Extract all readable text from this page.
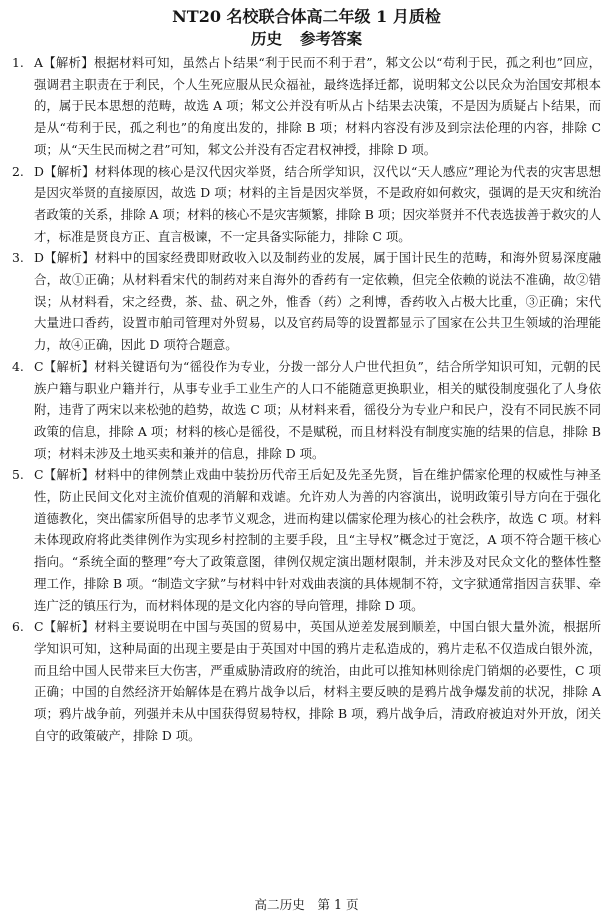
NT20 名校联合体高二年级 1 月质检
历史 参考答案

1. A【解析】根据材料可知，虽然占卜结果“利于民而不利于君”，邾文公以“苟利于民，孤之利也”回应，强调君主职责在于利民，个人生死应服从民众福祉，最终选择迁都，说明邾文公以民众为治国安邦根本的，属于民本思想的范畴，故选 A 项；邾文公并没有听从占卜结果去决策，不是因为质疑占卜结果，而是从“苟利于民，孤之利也”的角度出发的，排除 B 项；材料内容没有涉及到宗法伦理的内容，排除 C 项；从“天生民而树之君”可知，邾文公并没有否定君权神授，排除 D 项。

2. D【解析】材料体现的核心是汉代因灾举贤，结合所学知识，汉代以“天人感应”理论为代表的灾害思想是因灾举贤的直接原因，故选 D 项；材料的主旨是因灾举贤，不是政府如何救灾，强调的是天灾和统治者政策的关系，排除 A 项；材料的核心不是灾害频繁，排除 B 项；因灾举贤并不代表选拔善于救灾的人才，标准是贤良方正、直言极谏，不一定具备实际能力，排除 C 项。

3. D【解析】材料中的国家经费即财政收入以及制药业的发展，属于国计民生的范畴，和海外贸易深度融合，故①正确；从材料看宋代的制药对来自海外的香药有一定依赖，但完全依赖的说法不准确，故②错误；从材料看，宋之经费，茶、盐、矾之外，惟香（药）之利博，香药收入占极大比重，③正确；宋代大量进口香药，设置市舶司管理对外贸易，以及官药局等的设置都显示了国家在公共卫生领域的治理能力，故④正确，因此 D 项符合题意。

4. C【解析】材料关键语句为“徭役作为专业，分拨一部分人户世代担负”，结合所学知识可知，元朝的民族户籍与职业户籍并行，从事专业手工业生产的人口不能随意更换职业，相关的赋役制度强化了人身依附，违背了两宋以来松弛的趋势，故选 C 项；从材料来看，徭役分为专业户和民户，没有不同民族不同政策的信息，排除 A 项；材料的核心是徭役，不是赋税，而且材料没有制度实施的结果的信息，排除 B 项；材料未涉及土地买卖和兼并的信息，排除 D 项。

5. C【解析】材料中的律例禁止戏曲中装扮历代帝王后妃及先圣先贤，旨在维护儒家伦理的权威性与神圣性，防止民间文化对主流价值观的消解和戏谑。允许劝人为善的内容演出，说明政策引导方向在于强化道德教化，突出儒家所倡导的忠孝节义观念，进而构建以儒家伦理为核心的社会秩序，故选 C 项。材料未体现政府将此类律例作为实现乡村控制的主要手段，且“主导权”概念过于宽泛，A 项不符合题干核心指向。“系统全面的整理”夸大了政策意图，律例仅规定演出题材限制，并未涉及对民众文化的整体性整理工作，排除 B 项。“制造文字狱”与材料中针对戏曲表演的具体规制不符，文字狱通常指因言获罪、牵连广泛的镇压行为，而材料体现的是文化内容的导向管理，排除 D 项。

6. C【解析】材料主要说明在中国与英国的贸易中，英国从逆差发展到顺差，中国白银大量外流，根据所学知识可知，这种局面的出现主要是由于英国对中国的鸦片走私造成的，鸦片走私不仅造成白银外流，而且给中国人民带来巨大伤害，严重威胁清政府的统治，由此可以推知林则徐虎门销烟的必要性，C 项正确；中国的自然经济开始解体是在鸦片战争以后，材料主要反映的是鸦片战争爆发前的状况，排除 A 项；鸦片战争前，列强并未从中国获得贸易特权，排除 B 项，鸦片战争后，清政府被迫对外开放，闭关自守的政策破产，排除 D 项。

高二历史　第 1 页
